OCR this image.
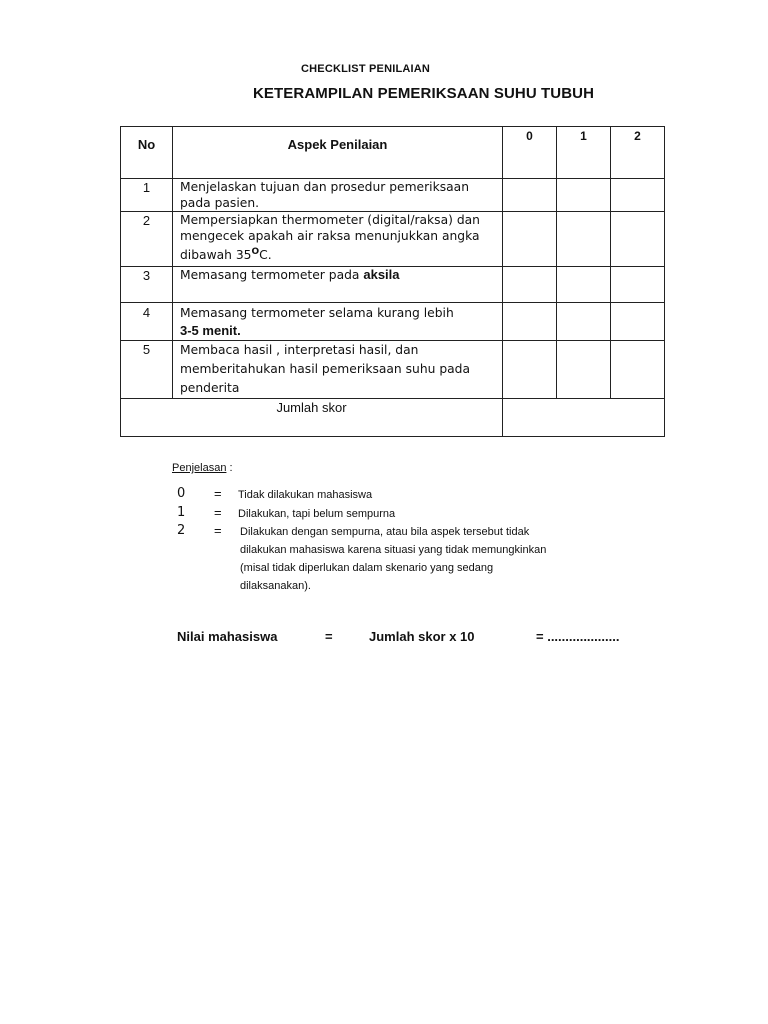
CHECKLIST PENILAIAN
KETERAMPILAN PEMERIKSAAN SUHU TUBUH
No	Aspek Penilaian	0	1	2
1	Menjelaskan tujuan dan prosedur pemeriksaan pada pasien.			
2	Mempersiapkan thermometer (digital/raksa) dan mengecek apakah air raksa menunjukkan angka dibawah $35^OC$.			
3	Memasang termometer pada aksila			
4	Memasang termometer selama kurang lebih
3-5 menit.			
5	Membaca hasil , interpretasi hasil, dan memberitahukan hasil pemeriksaan suhu pada penderita			
Jumlah skor				
Penjelasan :
0 = Tidak dilakukan mahasiswa
1 = Dilakukan, tapi belum sempurna
2 = Dilakukan dengan sempurna, atau bila aspek tersebut tidak dilakukan mahasiswa karena situasi yang tidak memungkinkan (misal tidak diperlukan dalam skenario yang sedang dilaksanakan).
Nilai mahasiswa	=	Jumlah skor x 10	= ....................
